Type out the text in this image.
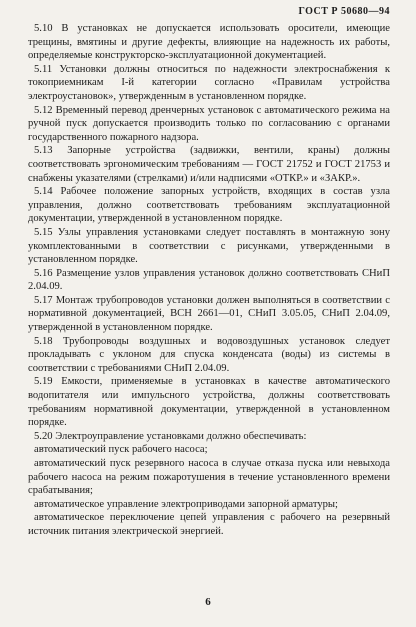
ГОСТ Р 50680—94

5.10 В установках не допускается использовать оросители, имеющие трещины, вмятины и другие дефекты, влияющие на надежность их работы, определяемые конструкторско-эксплуатационной документацией.

5.11 Установки должны относиться по надежности электроснабжения к токоприемникам I-й категории согласно «Правилам устройства электроустановок», утвержденным в установленном порядке.

5.12 Временный перевод дренчерных установок с автоматического режима на ручной пуск допускается производить только по согласованию с органами государственного пожарного надзора.

5.13 Запорные устройства (задвижки, вентили, краны) должны соответствовать эргономическим требованиям — ГОСТ 21752 и ГОСТ 21753 и снабжены указателями (стрелками) и/или надписями «ОТКР.» и «ЗАКР.».

5.14 Рабочее положение запорных устройств, входящих в состав узла управления, должно соответствовать требованиям эксплуатационной документации, утвержденной в установленном порядке.

5.15 Узлы управления установками следует поставлять в монтажную зону укомплектованными в соответствии с рисунками, утвержденными в установленном порядке.

5.16 Размещение узлов управления установок должно соответствовать СНиП 2.04.09.

5.17 Монтаж трубопроводов установки должен выполняться в соответствии с нормативной документацией, ВСН 2661—01, СНиП 3.05.05, СНиП 2.04.09, утвержденной в установленном порядке.

5.18 Трубопроводы воздушных и водовоздушных установок следует прокладывать с уклоном для спуска конденсата (воды) из системы в соответствии с требованиями СНиП 2.04.09.

5.19 Емкости, применяемые в установках в качестве автоматического водопитателя или импульсного устройства, должны соответствовать требованиям нормативной документации, утвержденной в установленном порядке.

5.20 Электроуправление установками должно обеспечивать:

автоматический пуск рабочего насоса;

автоматический пуск резервного насоса в случае отказа пуска или невыхода рабочего насоса на режим пожаротушения в течение установленного времени срабатывания;

автоматическое управление электроприводами запорной арматуры;

автоматическое переключение цепей управления с рабочего на резервный источник питания электрической энергией.

6
